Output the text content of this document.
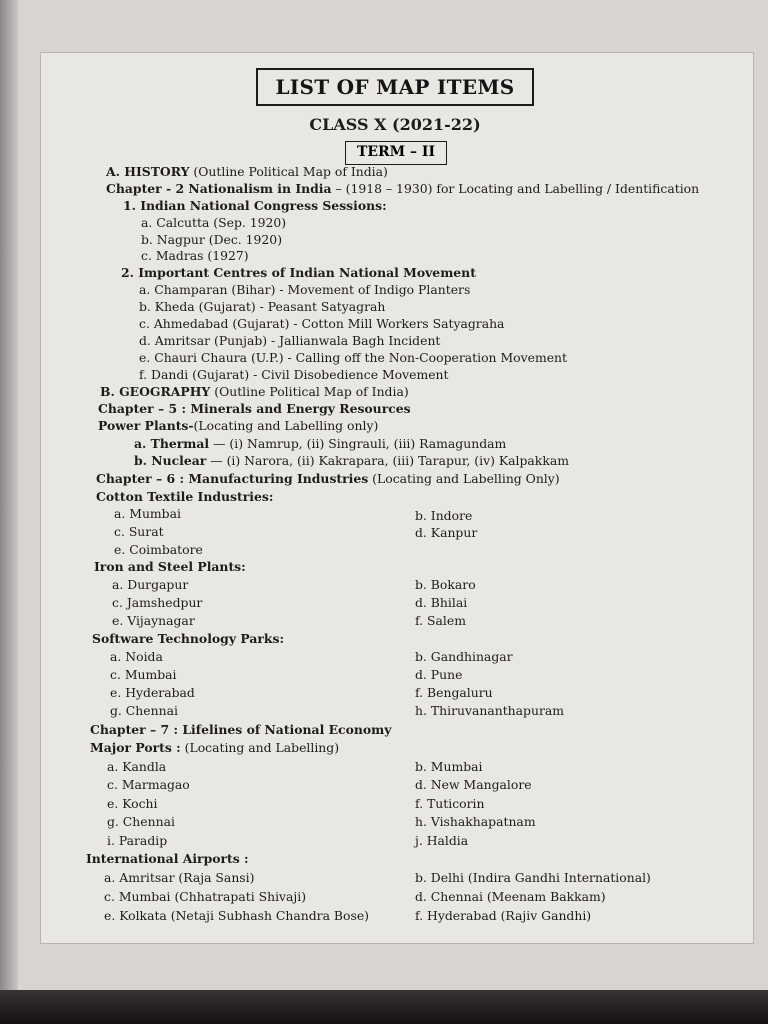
LIST OF MAP ITEMS
CLASS X (2021-22)
TERM – II
A. HISTORY (Outline Political Map of India)
Chapter - 2 Nationalism in India – (1918 – 1930) for Locating and Labelling / Identification
1. Indian National Congress Sessions:
a. Calcutta (Sep. 1920)
b. Nagpur (Dec. 1920)
c. Madras (1927)
2. Important Centres of Indian National Movement
a. Champaran (Bihar) - Movement of Indigo Planters
b. Kheda (Gujarat) - Peasant Satyagrah
c. Ahmedabad (Gujarat) - Cotton Mill Workers Satyagraha
d. Amritsar (Punjab) - Jallianwala Bagh Incident
e. Chauri Chaura (U.P.) - Calling off the Non-Cooperation Movement
f. Dandi (Gujarat) - Civil Disobedience Movement
B. GEOGRAPHY (Outline Political Map of India)
Chapter – 5 : Minerals and Energy Resources
Power Plants-(Locating and Labelling only)
a. Thermal — (i) Namrup, (ii) Singrauli, (iii) Ramagundam
b. Nuclear — (i) Narora, (ii) Kakrapara, (iii) Tarapur, (iv) Kalpakkam
Chapter – 6 : Manufacturing Industries (Locating and Labelling Only)
Cotton Textile Industries:
a. Mumbai
c. Surat
e. Coimbatore
b. Indore
d. Kanpur
Iron and Steel Plants:
a. Durgapur
c. Jamshedpur
e. Vijaynagar
b. Bokaro
d. Bhilai
f. Salem
Software Technology Parks:
a. Noida
c. Mumbai
e. Hyderabad
g. Chennai
b. Gandhinagar
d. Pune
f. Bengaluru
h. Thiruvananthapuram
Chapter – 7 : Lifelines of National Economy
Major Ports : (Locating and Labelling)
a. Kandla
c. Marmagao
e. Kochi
g. Chennai
i. Paradip
b. Mumbai
d. New Mangalore
f. Tuticorin
h. Vishakhapatnam
j. Haldia
International Airports :
a. Amritsar (Raja Sansi)
c. Mumbai (Chhatrapati Shivaji)
e. Kolkata (Netaji Subhash Chandra Bose)
b. Delhi (Indira Gandhi International)
d. Chennai (Meenam Bakkam)
f. Hyderabad (Rajiv Gandhi)
